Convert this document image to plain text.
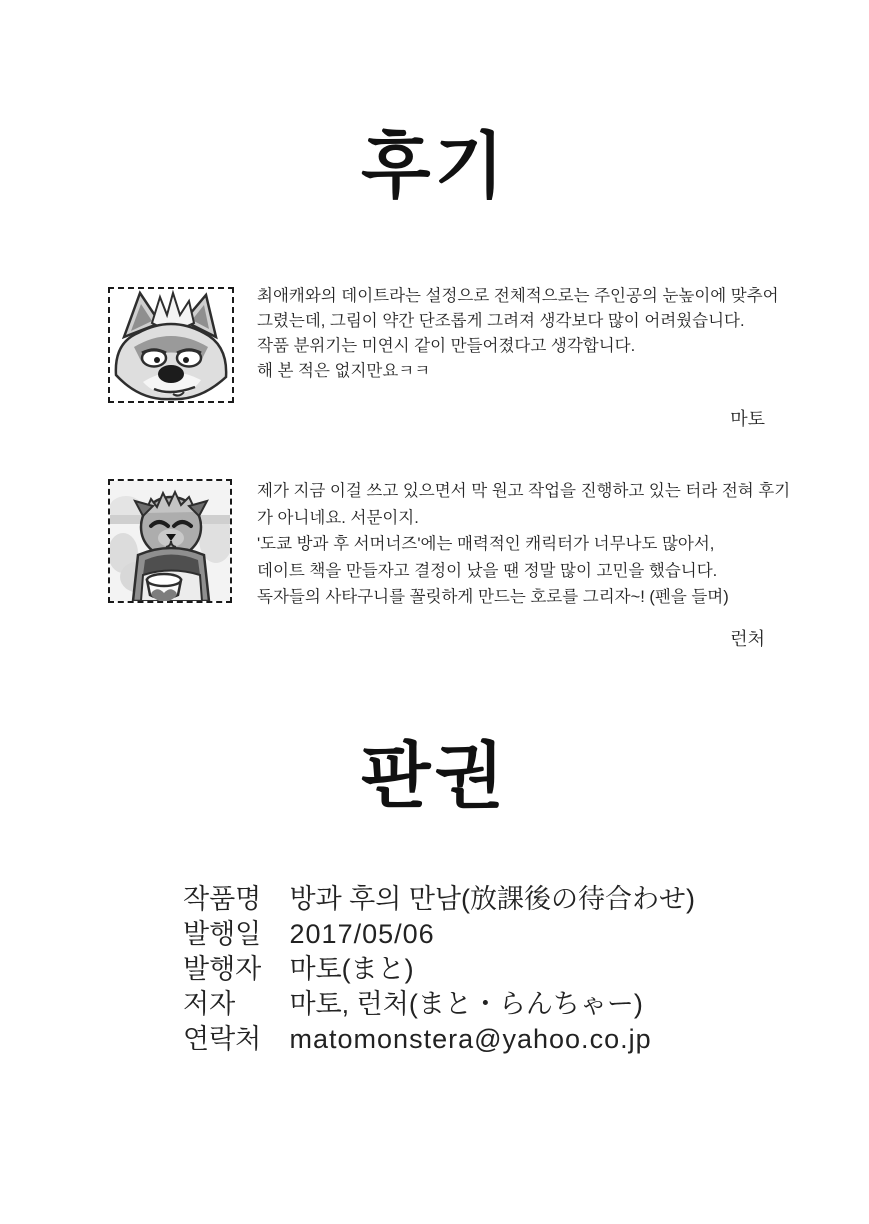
후기
최애캐와의 데이트라는 설정으로 전체적으로는 주인공의 눈높이에 맞추어
그렸는데, 그림이 약간 단조롭게 그려져 생각보다 많이 어려웠습니다.
작품 분위기는 미연시 같이 만들어졌다고 생각합니다.
해 본 적은 없지만요ㅋㅋ
마토
제가 지금 이걸 쓰고 있으면서 막 원고 작업을 진행하고 있는 터라 전혀 후기
가 아니네요. 서문이지.
'도쿄 방과 후 서머너즈'에는 매력적인 캐릭터가 너무나도 많아서,
데이트 책을 만들자고 결정이 났을 땐 정말 많이 고민을 했습니다.
독자들의 사타구니를 꼴릿하게 만드는 호로를 그리자~! (펜을 들며)
런처
판권
작품명 방과 후의 만남(放課後の待合わせ)
발행일 2017/05/06
발행자 마토(まと)
저자 마토, 런처(まと・らんちゃー)
연락처 matomonstera@yahoo.co.jp
